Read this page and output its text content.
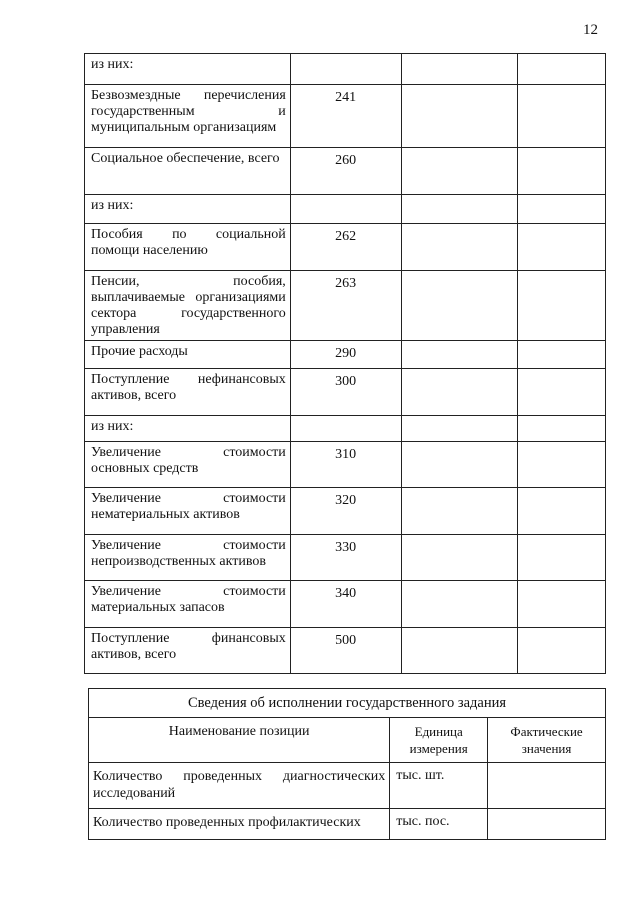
12
из них:			
Безвозмездные перечисления государственным и муниципальным организациям	241		
Социальное обеспечение, всего	260		
из них:			
Пособия по социальной помощи населению	262		
Пенсии, пособия, выплачиваемые организациями сектора государственного управления	263		
Прочие расходы	290		
Поступление нефинансовых активов, всего	300		
из них:			
Увеличение стоимости основных средств	310		
Увеличение стоимости нематериальных активов	320		
Увеличение стоимости непроизводственных активов	330		
Увеличение стоимости материальных запасов	340		
Поступление финансовых активов, всего	500		
Сведения об исполнении государственного задания		
Наименование позиции	Единица измерения	Фактические значения
Количество проведенных диагностических исследований	тыс. шт.	
Количество проведенных профилактических	тыс. пос.	
